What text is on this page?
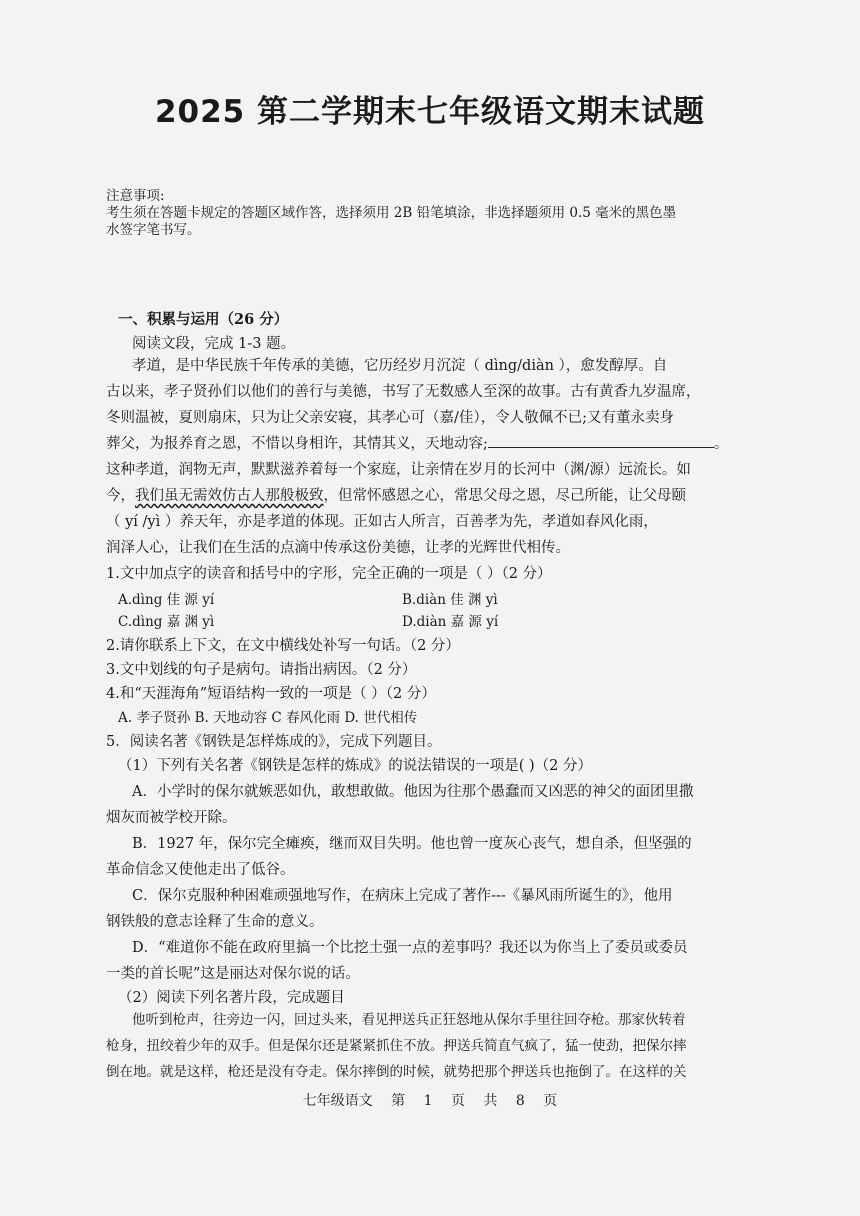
2025 第二学期末七年级语文期末试题
注意事项:
考生须在答题卡规定的答题区域作答，选择须用 2B 铅笔填涂，非选择题须用 0.5 毫米的黑色墨
水签字笔书写。
一、积累与运用（26 分）
阅读文段，完成 1-3 题。
孝道，是中华民族千年传承的美德，它历经岁月沉淀（ dìng/diàn ），愈发醇厚。自
古以来，孝子贤孙们以他们的善行与美德，书写了无数感人至深的故事。古有黄香九岁温席，
冬则温被，夏则扇床，只为让父亲安寝，其孝心可（嘉/佳），令人敬佩不已;又有董永卖身
葬父，为报养育之恩，不惜以身相许，其情其义，天地动容;	。
这种孝道，润物无声，默默滋养着每一个家庭，让亲情在岁月的长河中（渊/源）远流长。如
今，我们虽无需效仿古人那般极致，但常怀感恩之心，常思父母之恩，尽己所能，让父母颐
（ yí /yì ）养天年，亦是孝道的体现。正如古人所言，百善孝为先，孝道如春风化雨，
润泽人心，让我们在生活的点滴中传承这份美德，让孝的光辉世代相传。
1.文中加点字的读音和括号中的字形，完全正确的一项是（ ）（2 分）
A.dìng 佳 源 yí	B.diàn 佳 渊 yì
C.dìng 嘉 渊 yì	D.diàn 嘉 源 yí
2.请你联系上下文，在文中横线处补写一句话。（2 分）
3.文中划线的句子是病句。请指出病因。（2 分）
4.和“天涯海角”短语结构一致的一项是（ ）（2 分）
A. 孝子贤孙 B. 天地动容 C 春风化雨 D. 世代相传
5．阅读名著《钢铁是怎样炼成的》，完成下列题目。
（1）下列有关名著《钢铁是怎样的炼成》的说法错误的一项是( )（2 分）
A．小学时的保尔就嫉恶如仇，敢想敢做。他因为往那个愚蠢而又凶恶的神父的面团里撒
烟灰而被学校开除。
B．1927 年，保尔完全瘫痪，继而双目失明。他也曾一度灰心丧气，想自杀，但坚强的
革命信念又使他走出了低谷。
C．保尔克服种种困难顽强地写作，在病床上完成了著作---《暴风雨所诞生的》，他用
钢铁般的意志诠释了生命的意义。
D．“难道你不能在政府里搞一个比挖土强一点的差事吗？我还以为你当上了委员或委员
一类的首长呢”这是丽达对保尔说的话。
（2）阅读下列名著片段，完成题目
他听到枪声，往旁边一闪，回过头来，看见押送兵正狂怒地从保尔手里往回夺枪。那家伙转着
枪身，扭绞着少年的双手。但是保尔还是紧紧抓住不放。押送兵简直气疯了，猛一使劲，把保尔摔
倒在地。就是这样，枪还是没有夺走。保尔摔倒的时候，就势把那个押送兵也拖倒了。在这样的关
七年级语文 第 1 页 共 8 页
